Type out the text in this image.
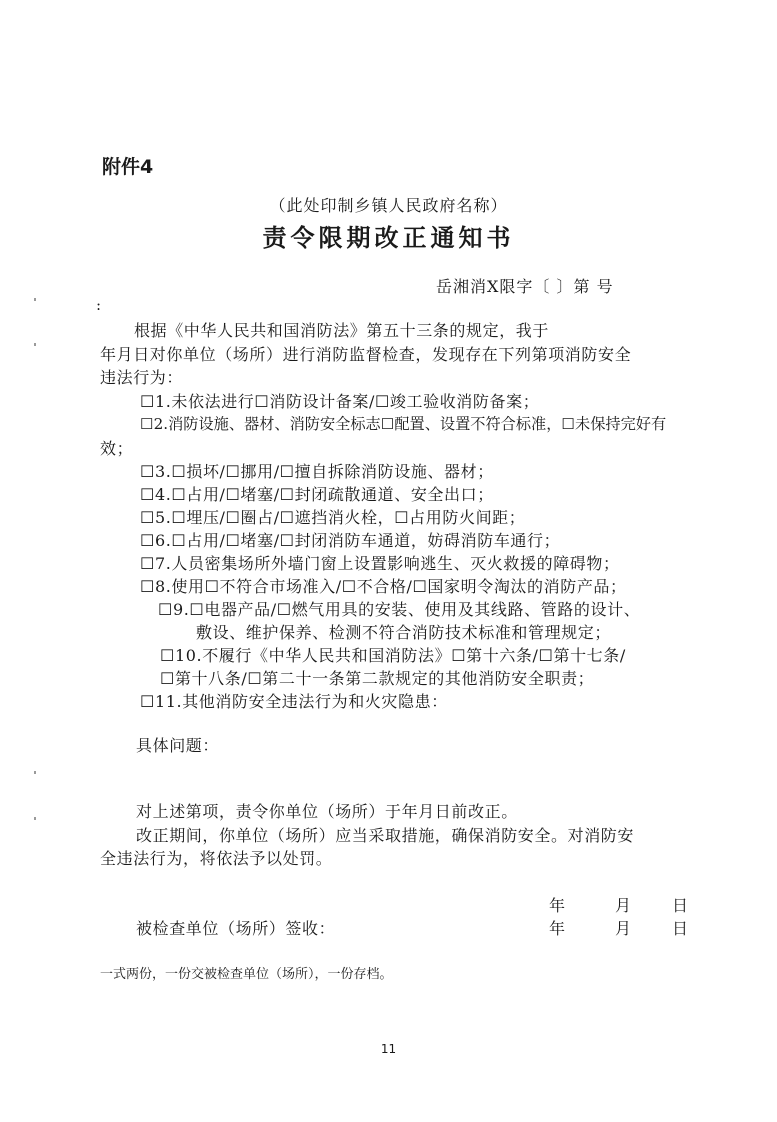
附件4
（此处印制乡镇人民政府名称）
责令限期改正通知书
岳湘消X限字〔 〕第 号
:
根据《中华人民共和国消防法》第五十三条的规定，我于
年月日对你单位（场所）进行消防监督检查，发现存在下列第项消防安全
违法行为：
☐1.未依法进行☐消防设计备案/☐竣工验收消防备案；
☐2.消防设施、器材、消防安全标志☐配置、设置不符合标准，☐未保持完好有
效；
☐3.☐损坏/☐挪用/☐擅自拆除消防设施、器材；
☐4.☐占用/☐堵塞/☐封闭疏散通道、安全出口；
☐5.☐埋压/☐圈占/☐遮挡消火栓，☐占用防火间距；
☐6.☐占用/☐堵塞/☐封闭消防车通道，妨碍消防车通行；
☐7.人员密集场所外墙门窗上设置影响逃生、灭火救援的障碍物；
☐8.使用☐不符合市场准入/☐不合格/☐国家明令淘汰的消防产品；
☐9.☐电器产品/☐燃气用具的安装、使用及其线路、管路的设计、
敷设、维护保养、检测不符合消防技术标准和管理规定；
☐10.不履行《中华人民共和国消防法》☐第十六条/☐第十七条/
☐第十八条/☐第二十一条第二款规定的其他消防安全职责；
☐11.其他消防安全违法行为和火灾隐患：
具体问题：
对上述第项，责令你单位（场所）于年月日前改正。
改正期间，你单位（场所）应当采取措施，确保消防安全。对消防安
全违法行为，将依法予以处罚。
年	月	日
被检查单位（场所）签收：	年	月	日
一式两份，一份交被检查单位（场所），一份存档。
11
